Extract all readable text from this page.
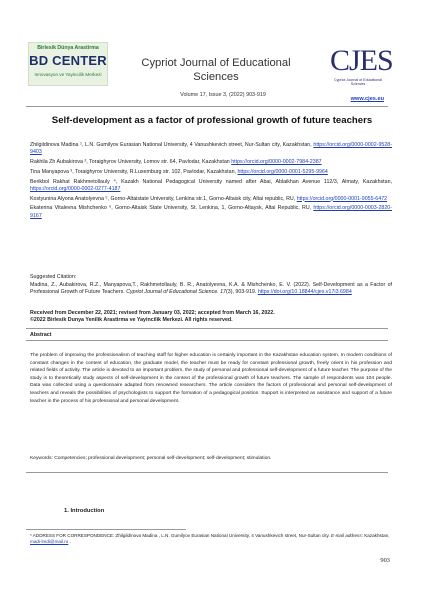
Birlesik Dünya Arastirma
BD CENTER
Innovasyon ve Yayincilik Merkezi
Cypriot Journal of Educational Sciences
Volume 17, Issue 3, (2022) 903-919
CJES
Cypriot Journal of Educational Sciences
www.cjes.eu
Self-development as a factor of professional growth of future teachers
Zhilgildinova Madina ¹, L.N. Gumilyov Eurasian National University, 4 Vanushkevich street, Nur-Sultan city, Kazakhstan, https://orcid.org/0000-0002-9528-9403
Rakhila Zh Aubakirova ², Toraighyrov University, Lomov str. 64, Pavlodar, Kazakhstan https://orcid.org/0000-0002-7984-2387
Tina Manyapova ³, Toraighyrov University, R.Luxemburg str. 102, Pavlodar, Kazakhstan, https://orcid.org/0000-0001-5295-9964
Berikbol Rakhat Rakhmetollauly ⁴, Kazakh National Pedagogical University named after Abai, Ablaikhan Avenue 112/3, Almaty, Kazakhstan, https://orcid.org/0000-0002-0277-4187
Kostyunina Alyona Anatolyevna ⁵, Gorno-Altaistate University, Lenkina str.1, Gorno-Altaisk city, Altai republic, RU, https://orcid.org/0000-0001-9055-6472
Ekaterina Vitalevna Mishchenko ⁶, Gorno-Altaisk State University, St. Lenkina, 1, Gorno-Altaysk, Altai Republic, RU, https://orcid.org/0000-0003-2820-9167
Suggested Citation:
Madina, Z., Aubakirova, R.Z., Manyapova,T., Rakhmetollauly, B. R., Anatolyevna, K.A. & Mishchenko, E. V. (2022). Self-Development as a Factor of Professional Growth of Future Teachers. Cypriot Journal of Educational Science. 17(3), 903-919. https://doi.org/10.18844/cjes.v17i3.6984
Received from December 22, 2021; revised from January 03, 2022; accepted from March 16, 2022.
©2022 Birlesik Dunya Yenilik Arastirma ve Yayincilik Merkezi. All rights reserved.
Abstract
The problem of improving the professionalism of teaching staff for higher education is certainly important in the Kazakhstan education system. In modern conditions of constant changes in the content of education, the graduate model, the teacher must be ready for constant professional growth, freely orient in his profession and related fields of activity. The article is devoted to an important problem, the study of personal and professional self-development of a future teacher. The purpose of the study is to theoretically study aspects of self-development in the context of the professional growth of future teachers. The sample of respondents was 104 people. Data was collected using a questionnaire adapted from renowned researchers. The article considers the factors of professional and personal self-development of teachers and reveals the possibilities of psychologists to support the formation of a pedagogical position. Support is interpreted as assistance and support of a future teacher in the process of his professional and personal development.
Keywords: Competencies; professional development; personal self-development; self-development; stimulation.
1. Introduction
* ADDRESS FOR CORRESPONDENCE: Zhilgildinova Madina , L.N. Gumilyov Eurasian National University, 4 Vanushkevich street, Nur-Sultan city. E-mail address: Kazakhstan, madi-lmdi@mail.ru .
903
